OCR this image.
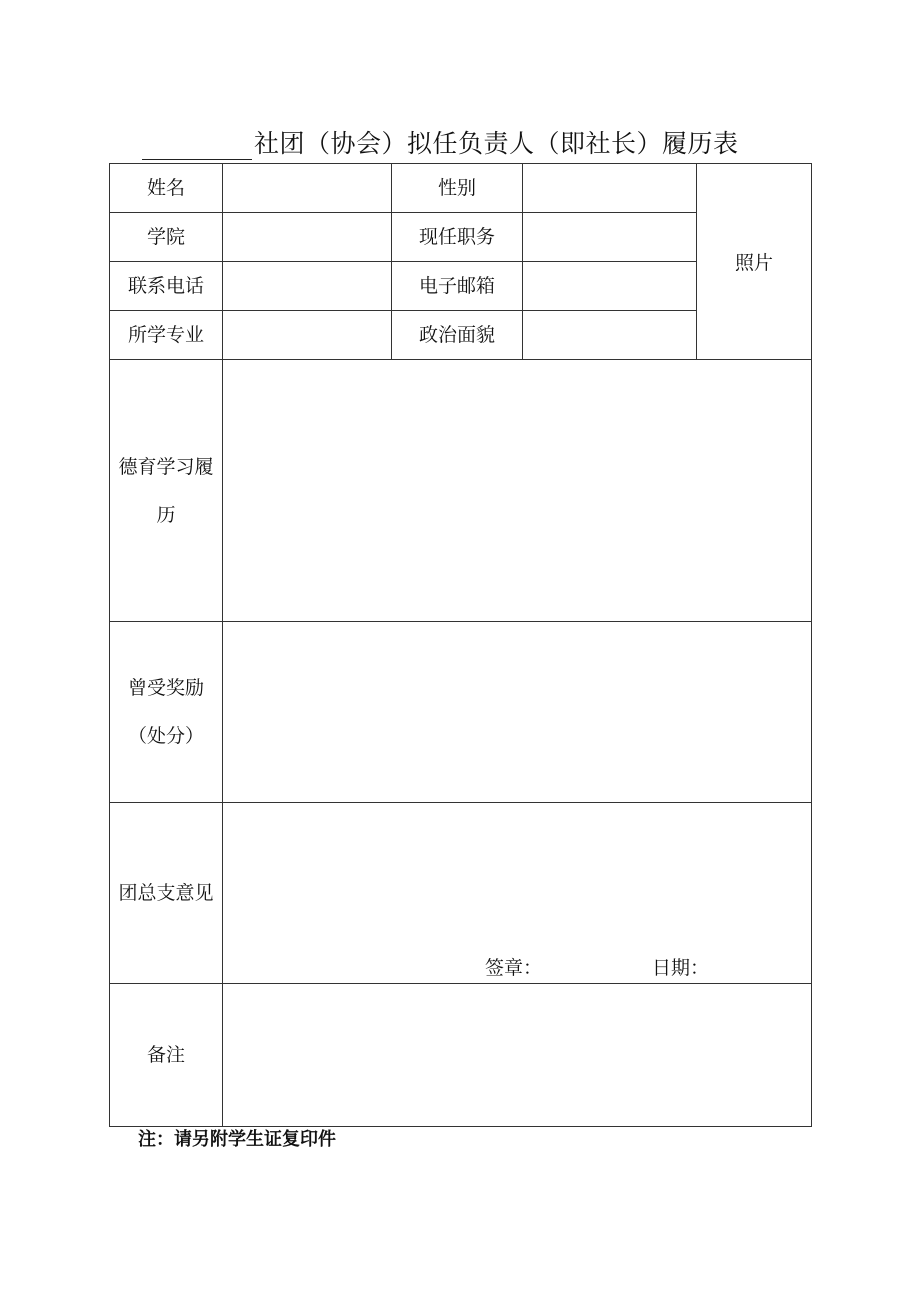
社团（协会）拟任负责人（即社长）履历表
姓名		性别		照片
学院		现任职务		
联系电话		电子邮箱		
所学专业		政治面貌		

德育学习履
历				

曾受奖励
（处分）				

团总支意见	签章： 日期：			

备注				
注：请另附学生证复印件
